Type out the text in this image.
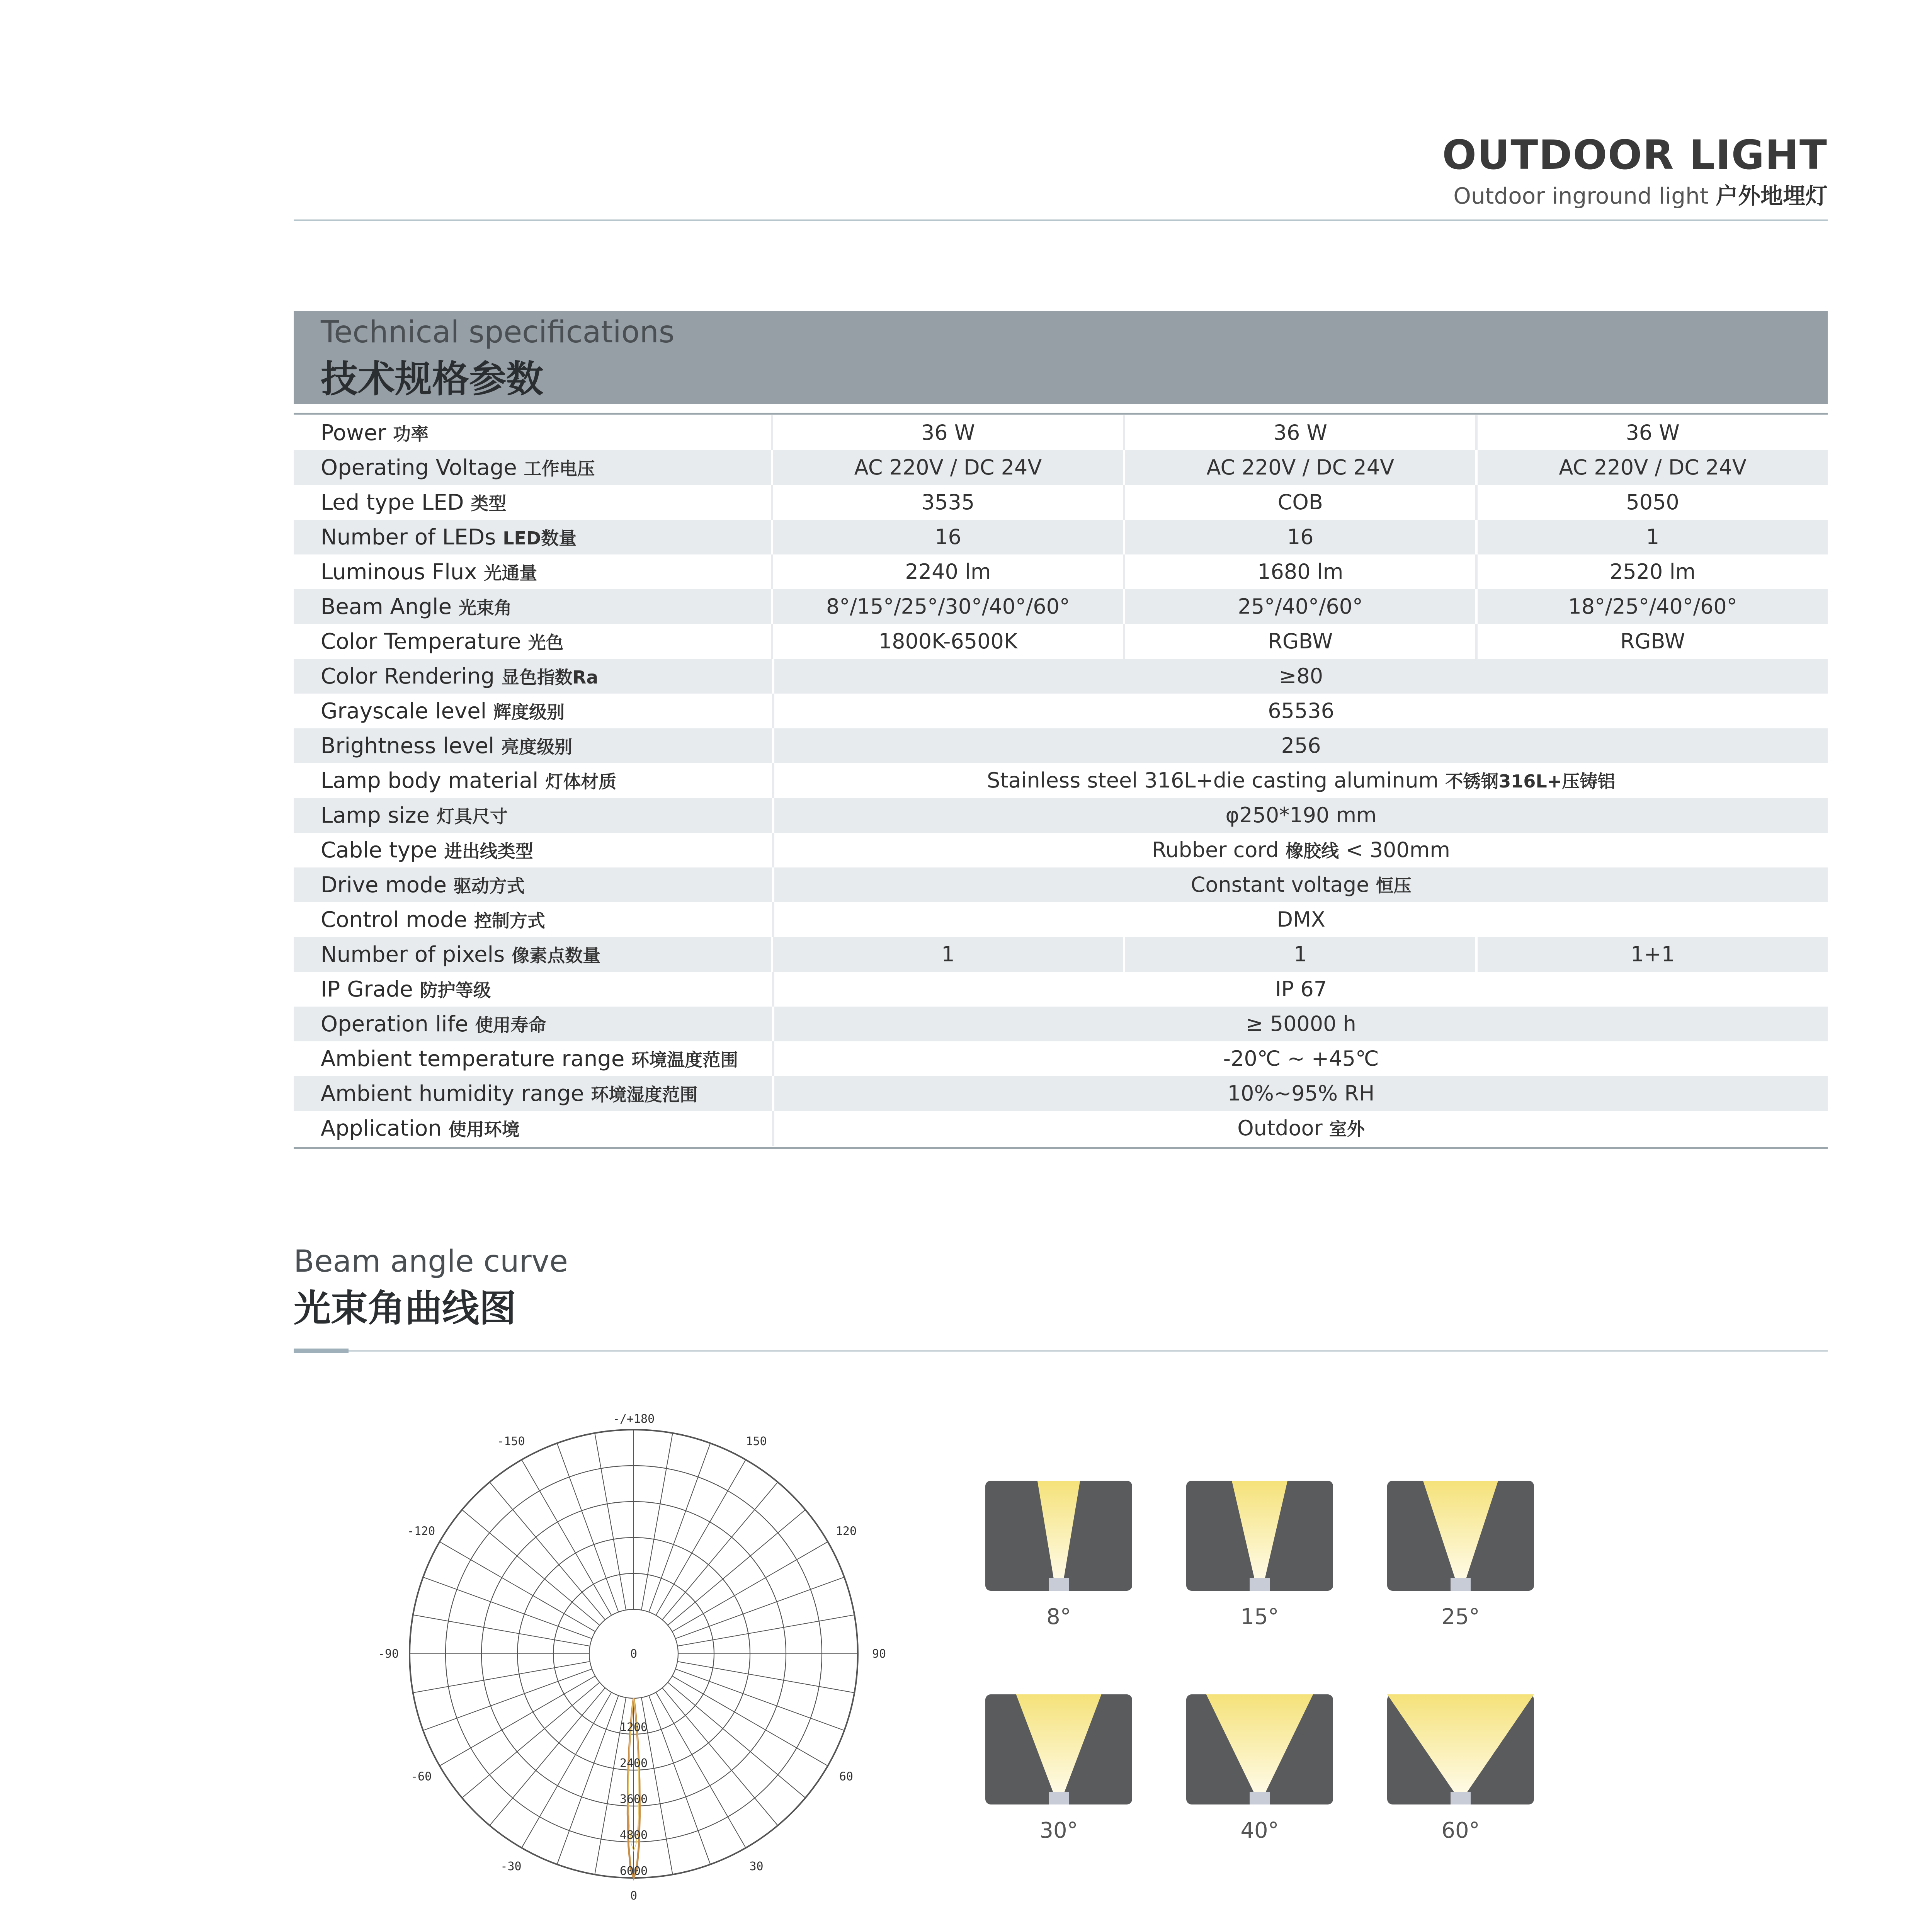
OUTDOOR LIGHT
Outdoor inground light 户外地埋灯
Technical specifications
技术规格参数
Power 功率	36 W	36 W	36 W
Operating Voltage 工作电压	AC 220V / DC 24V	AC 220V / DC 24V	AC 220V / DC 24V
Led type LED 类型	3535	COB	5050
Number of LEDs LED数量	16	16	1
Luminous Flux 光通量	2240 lm	1680 lm	2520 lm
Beam Angle 光束角	8°/15°/25°/30°/40°/60°	25°/40°/60°	18°/25°/40°/60°
Color Temperature 光色	1800K-6500K	RGBW	RGBW
Color Rendering 显色指数Ra	≥80
Grayscale level 辉度级别	65536
Brightness level 亮度级别	256
Lamp body material 灯体材质	Stainless steel 316L+die casting aluminum 不锈钢316L+压铸铝
Lamp size 灯具尺寸	φ250*190 mm
Cable type 进出线类型	Rubber cord 橡胶线 < 300mm
Drive mode 驱动方式	Constant voltage 恒压
Control mode 控制方式	DMX
Number of pixels 像素点数量	1	1	1+1
IP Grade 防护等级	IP 67
Operation life 使用寿命	≥ 50000 h
Ambient temperature range 环境温度范围	-20℃ ~ +45℃
Ambient humidity range 环境湿度范围	10%~95% RH
Application 使用环境	Outdoor 室外
Beam angle curve
光束角曲线图
-/+180
0
0
-150	150
-120	120
-90	90
-60	60
-30	30
1200
2400
3600
4800
6000
8°	15°	25°
30°	40°	60°
